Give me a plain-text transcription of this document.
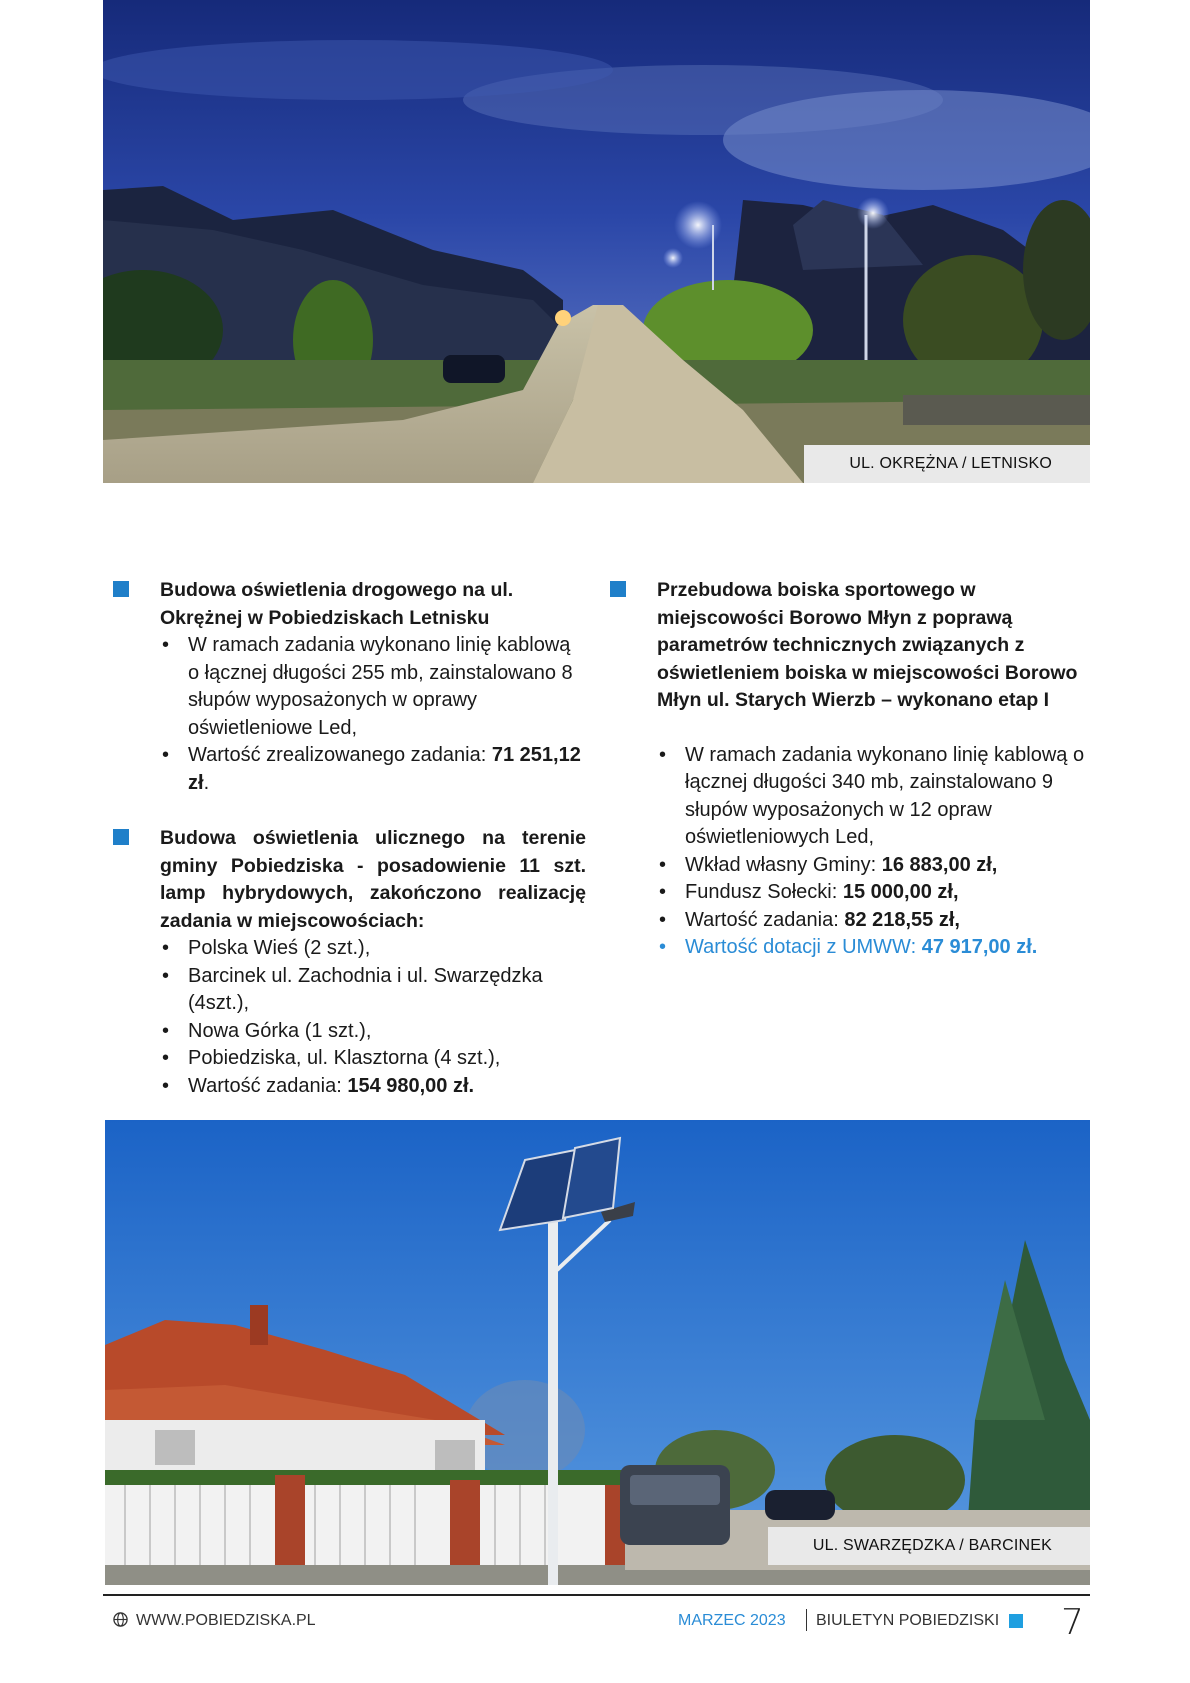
UL. OKRĘŻNA / LETNISKO

Budowa oświetlenia drogowego na ul. Okrężnej w Pobiedziskach Letnisku

• W ramach zadania wykonano linię kablową o łącznej długości 255 mb, zainstalowano 8 słupów wyposażonych w oprawy oświetleniowe Led,
• Wartość zrealizowanego zadania: 71 251,12 zł.

Budowa oświetlenia ulicznego na terenie gminy Pobiedziska - posadowienie 11 szt. lamp hybrydowych, zakończono realizację zadania w miejscowościach:

• Polska Wieś (2 szt.),
• Barcinek ul. Zachodnia i ul. Swarzędzka (4szt.),
• Nowa Górka (1 szt.),
• Pobiedziska, ul. Klasztorna (4 szt.),
• Wartość zadania: 154 980,00 zł.

Przebudowa boiska sportowego w miejscowości Borowo Młyn z poprawą parametrów technicznych związanych z oświetleniem boiska w miejscowości Borowo Młyn ul. Starych Wierzb – wykonano etap I

• W ramach zadania wykonano linię kablową o łącznej długości 340 mb, zainstalowano 9 słupów wyposażonych w 12 opraw oświetleniowych Led,
• Wkład własny Gminy: 16 883,00 zł,
• Fundusz Sołecki: 15 000,00 zł,
• Wartość zadania: 82 218,55 zł,
• Wartość dotacji z UMWW: 47 917,00 zł.
UL. SWARZĘDZKA / BARCINEK
WWW.POBIEDZISKA.PL	MARZEC 2023 BIULETYN POBIEDZISKI 7
